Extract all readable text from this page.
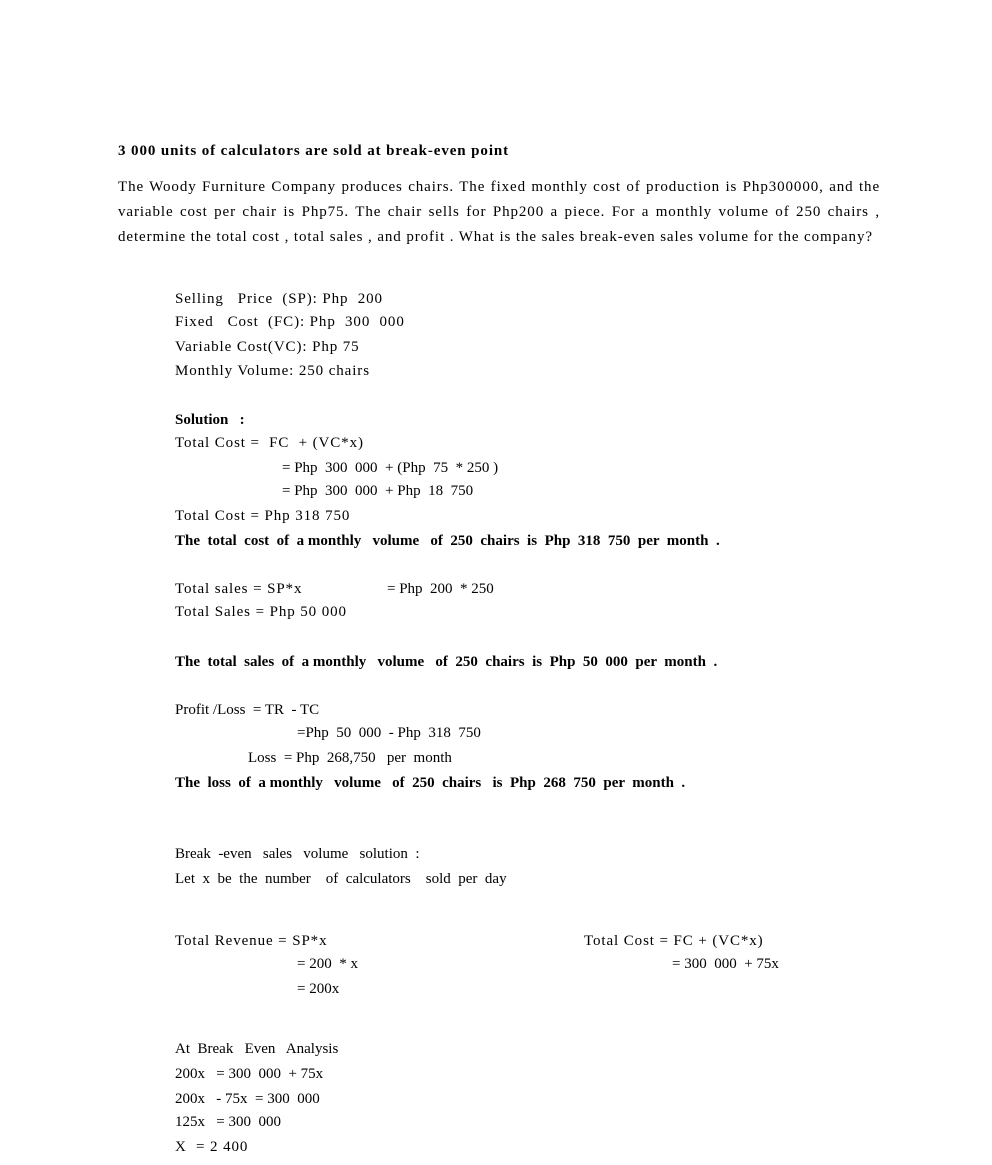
3 000 units of calculators are sold at break-even point
The Woody Furniture Company produces chairs. The fixed monthly cost of production is Php300000, and the variable cost per chair is Php75. The chair sells for Php200 a piece. For a monthly volume of 250 chairs , determine the total cost , total sales , and profit . What is the sales break-even sales volume for the company?
Selling   Price  (SP): Php  200
Fixed   Cost  (FC): Php  300  000
Variable Cost(VC): Php 75
Monthly Volume: 250 chairs
Solution   :
Total Cost =  FC  + (VC*x)
= Php  300  000  + (Php  75  * 250 )
= Php  300  000  + Php  18  750
Total Cost = Php 318 750
The  total  cost  of  a monthly   volume   of  250  chairs  is  Php  318  750  per  month  .
Total sales = SP*x	= Php  200  * 250
Total Sales = Php 50 000
The  total  sales  of  a monthly   volume   of  250  chairs  is  Php  50  000  per  month  .
Profit /Loss  = TR  - TC
=Php  50  000  - Php  318  750
Loss  = Php  268,750   per  month
The  loss  of  a monthly   volume   of  250  chairs   is  Php  268  750  per  month  .
Break  -even   sales   volume   solution  :
Let  x  be  the  number    of  calculators    sold  per  day
Total Revenue = SP*x
= 200  * x
= 200x
Total Cost = FC + (VC*x)
= 300  000  + 75x
At  Break   Even   Analysis
200x   = 300  000  + 75x
200x   - 75x  = 300  000
125x   = 300  000
X  = 2 400
